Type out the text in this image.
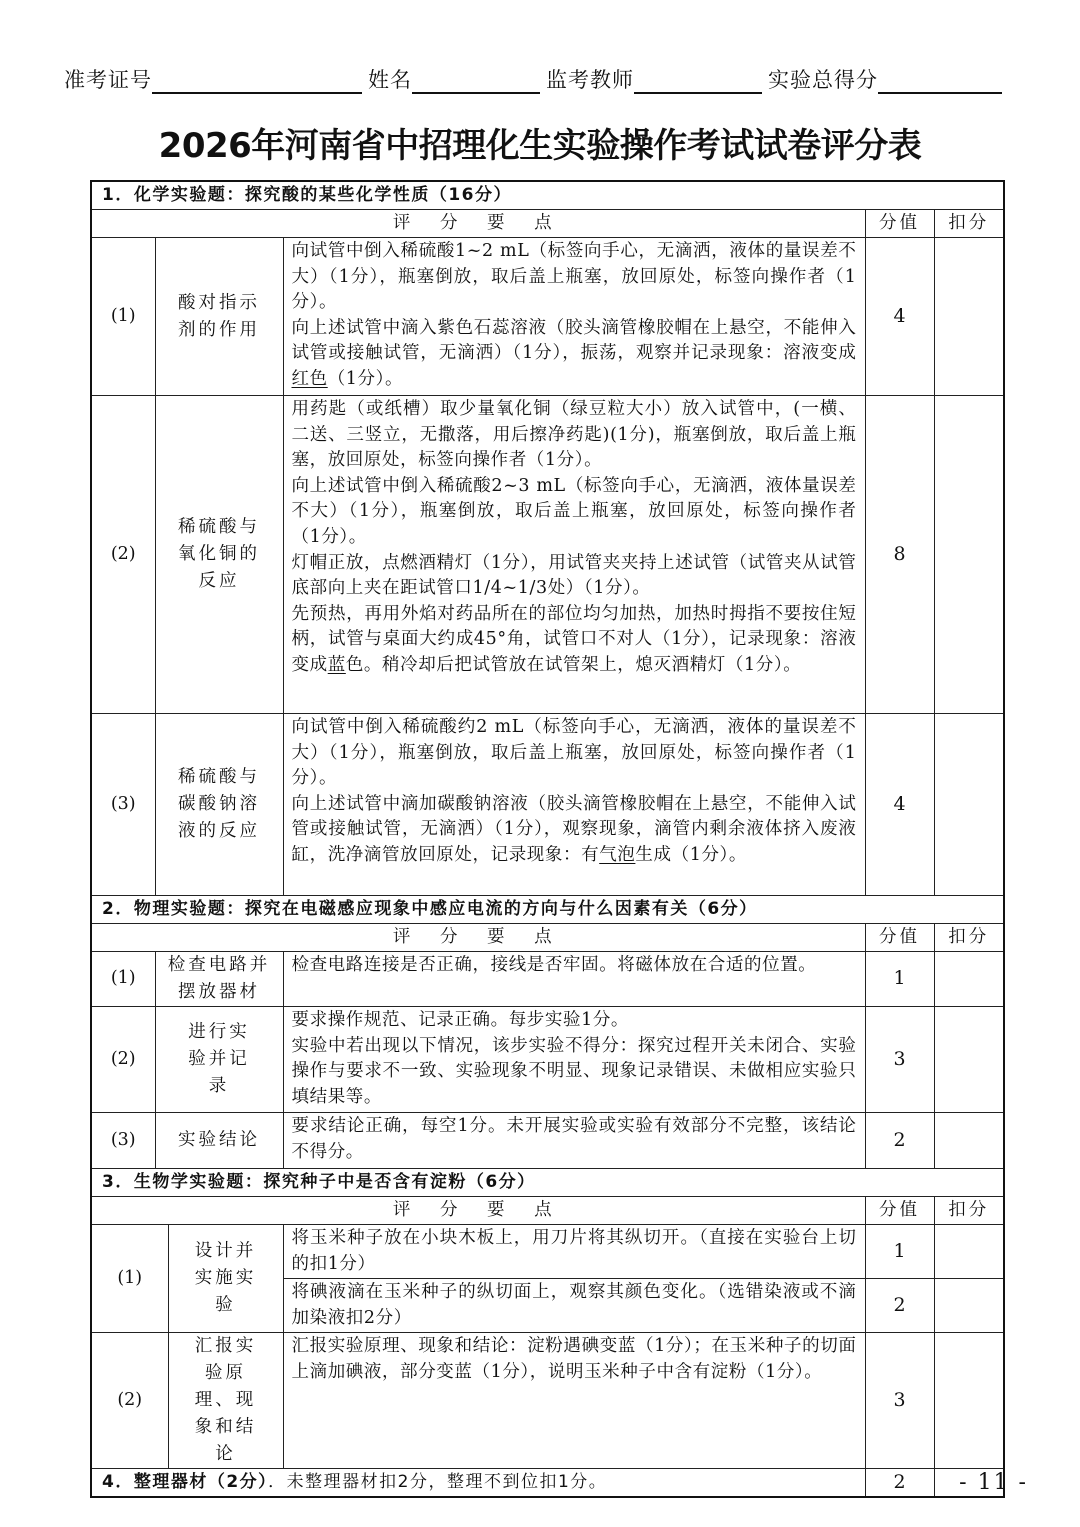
准考证号	姓名	监考教师	实验总得分
2026年河南省中招理化生实验操作考试试卷评分表
1．化学实验题：探究酸的某些化学性质（16分）					
评 分 要 点				分值	扣分
(1)	酸对指示剂的作用		向试管中倒入稀硫酸1~2 mL（标签向手心，无滴洒，液体的量误差不大）（1分），瓶塞倒放，取后盖上瓶塞，放回原处，标签向操作者（1分）。
向上述试管中滴入紫色石蕊溶液（胶头滴管橡胶帽在上悬空，不能伸入试管或接触试管，无滴洒）（1分），振荡，观察并记录现象：溶液变成红色（1分）。	4	
(2)	稀硫酸与氧化铜的反应		用药匙（或纸槽）取少量氧化铜（绿豆粒大小）放入试管中，(一横、二送、三竖立，无撒落，用后擦净药匙)(1分)，瓶塞倒放，取后盖上瓶塞，放回原处，标签向操作者（1分）。
向上述试管中倒入稀硫酸2~3 mL（标签向手心，无滴洒，液体量误差不大）（1分），瓶塞倒放，取后盖上瓶塞，放回原处，标签向操作者（1分）。
灯帽正放，点燃酒精灯（1分），用试管夹夹持上述试管（试管夹从试管底部向上夹在距试管口1/4~1/3处）（1分）。
先预热，再用外焰对药品所在的部位均匀加热，加热时拇指不要按住短柄，试管与桌面大约成45°角，试管口不对人（1分），记录现象：溶液变成蓝色。稍冷却后把试管放在试管架上，熄灭酒精灯（1分）。	8	
(3)	稀硫酸与碳酸钠溶液的反应		向试管中倒入稀硫酸约2 mL（标签向手心，无滴洒，液体的量误差不大）（1分），瓶塞倒放，取后盖上瓶塞，放回原处，标签向操作者（1分）。
向上述试管中滴加碳酸钠溶液（胶头滴管橡胶帽在上悬空，不能伸入试管或接触试管，无滴洒）（1分），观察现象，滴管内剩余液体挤入废液缸，洗净滴管放回原处，记录现象：有气泡生成（1分）。	4	
2．物理实验题：探究在电磁感应现象中感应电流的方向与什么因素有关（6分）					
评 分 要 点				分值	扣分
(1)	检查电路并摆放器材		检查电路连接是否正确，接线是否牢固。将磁体放在合适的位置。	1	
(2)	进行实验并记录		要求操作规范、记录正确。每步实验1分。
实验中若出现以下情况，该步实验不得分：探究过程开关未闭合、实验操作与要求不一致、实验现象不明显、现象记录错误、未做相应实验只填结果等。	3	
(3)	实验结论		要求结论正确，每空1分。未开展实验或实验有效部分不完整，该结论不得分。	2	
3．生物学实验题：探究种子中是否含有淀粉（6分）					
评 分 要 点				分值	扣分
(1)		设计并实施实验	将玉米种子放在小块木板上，用刀片将其纵切开。（直接在实验台上切的扣1分）	1	
			将碘液滴在玉米种子的纵切面上，观察其颜色变化。（选错染液或不滴加染液扣2分）	2	
(2)		汇报实验原理、现象和结论	汇报实验原理、现象和结论：淀粉遇碘变蓝（1分）；在玉米种子的切面上滴加碘液，部分变蓝（1分），说明玉米种子中含有淀粉（1分）。	3	
4．整理器材（2分）．未整理器材扣2分，整理不到位扣1分。				2	- 11 -
